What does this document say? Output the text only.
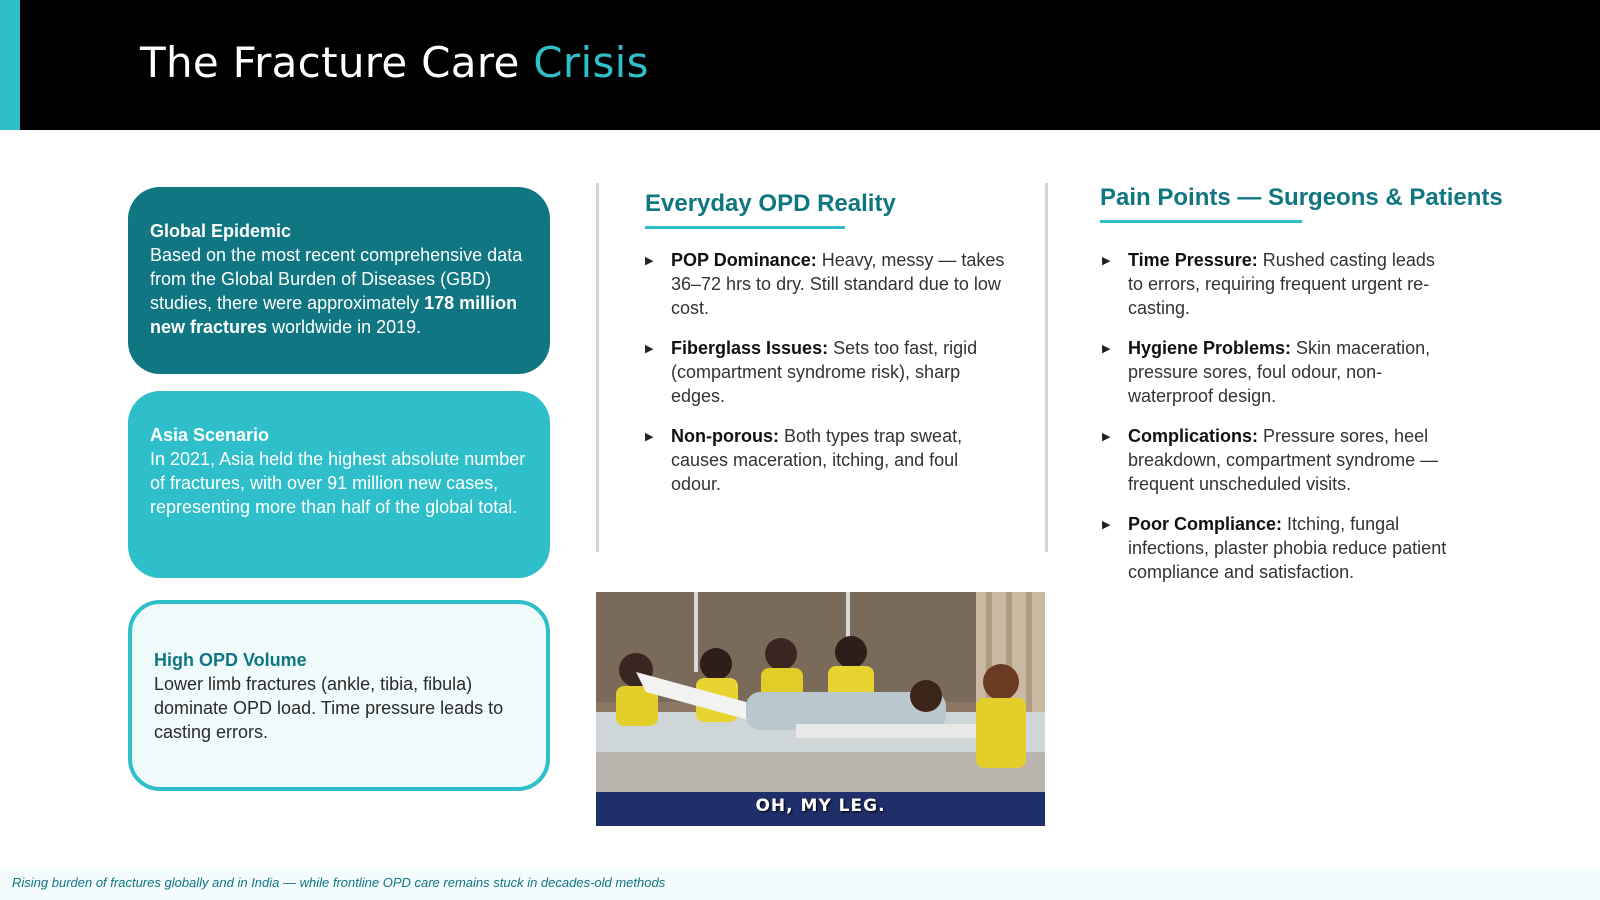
The Fracture Care Crisis
Global Epidemic
Based on the most recent comprehensive data from the Global Burden of Diseases (GBD) studies, there were approximately 178 million new fractures worldwide in 2019.
Asia Scenario
In 2021, Asia held the highest absolute number of fractures, with over 91 million new cases, representing more than half of the global total.
High OPD Volume
Lower limb fractures (ankle, tibia, fibula) dominate OPD load. Time pressure leads to casting errors.
Everyday OPD Reality
▶ POP Dominance: Heavy, messy — takes 36–72 hrs to dry. Still standard due to low cost.
▶ Fiberglass Issues: Sets too fast, rigid (compartment syndrome risk), sharp edges.
▶ Non-porous: Both types trap sweat, causes maceration, itching, and foul odour.
Pain Points — Surgeons & Patients
▶ Time Pressure: Rushed casting leads to errors, requiring frequent urgent re-casting.
▶ Hygiene Problems: Skin maceration, pressure sores, foul odour, non-waterproof design.
▶ Complications: Pressure sores, heel breakdown, compartment syndrome — frequent unscheduled visits.
▶ Poor Compliance: Itching, fungal infections, plaster phobia reduce patient compliance and satisfaction.
OH, MY LEG.
Rising burden of fractures globally and in India — while frontline OPD care remains stuck in decades-old methods
